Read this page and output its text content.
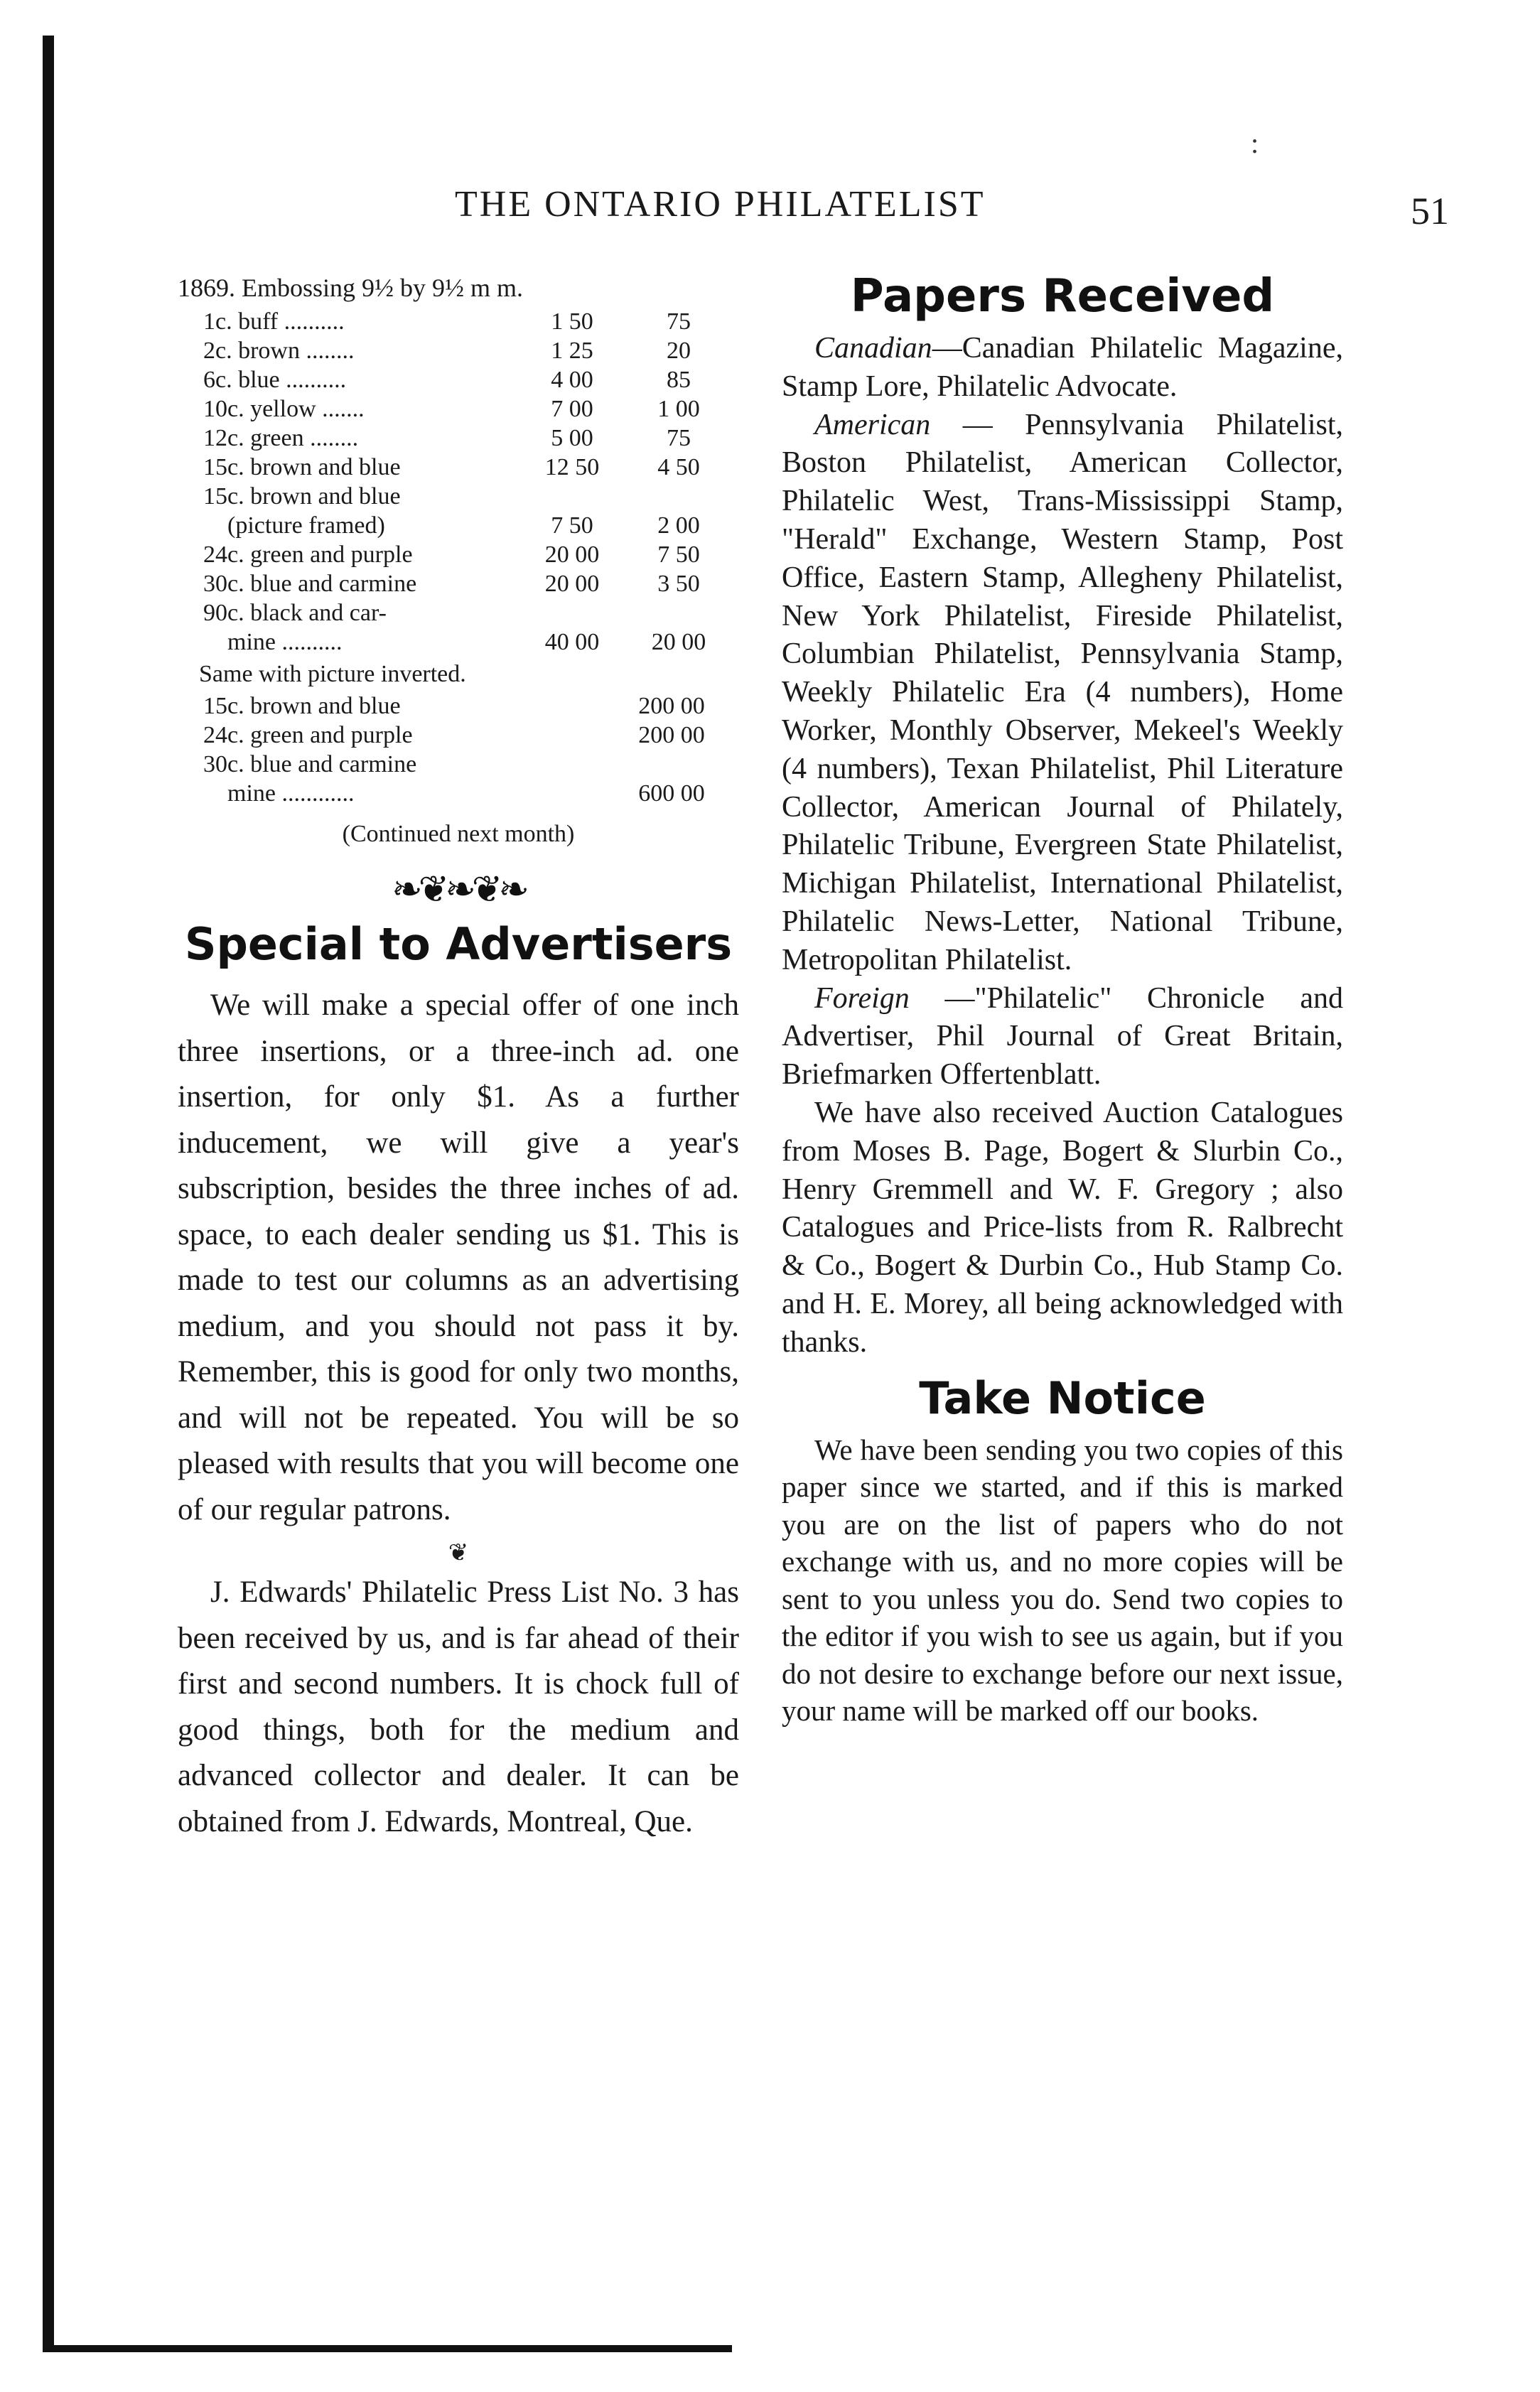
:
THE ONTARIO PHILATELIST	51
1869. Embossing 9½ by 9½ m m.
1c. buff ..........	1 50	75
2c. brown ........	1 25	20
6c. blue ..........	4 00	85
10c. yellow .......	7 00	1 00
12c. green ........	5 00	75
15c. brown and blue	12 50	4 50
15c. brown and blue
(picture framed)	7 50	2 00
24c. green and purple	20 00	7 50
30c. blue and carmine	20 00	3 50
90c. black and car-
mine ..........	40 00	20 00
Same with picture inverted.
15c. brown and blue	200 00
24c. green and purple	200 00
30c. blue and carmine
mine ............	600 00
(Continued next month)
❧❦❧❦❧
Special to Advertisers

We will make a special offer of one inch three insertions, or a three-inch ad. one insertion, for only $1. As a further inducement, we will give a year's subscription, besides the three inches of ad. space, to each dealer sending us $1. This is made to test our columns as an advertising medium, and you should not pass it by. Remember, this is good for only two months, and will not be repeated. You will be so pleased with results that you will become one of our regular patrons.

❦

J. Edwards' Philatelic Press List No. 3 has been received by us, and is far ahead of their first and second numbers. It is chock full of good things, both for the medium and advanced collector and dealer. It can be obtained from J. Edwards, Montreal, Que.

Papers Received

Canadian—Canadian Philatelic Magazine, Stamp Lore, Philatelic Advocate.

American — Pennsylvania Philatelist, Boston Philatelist, American Collector, Philatelic West, Trans-Mississippi Stamp, "Herald" Exchange, Western Stamp, Post Office, Eastern Stamp, Allegheny Philatelist, New York Philatelist, Fireside Philatelist, Columbian Philatelist, Pennsylvania Stamp, Weekly Philatelic Era (4 numbers), Home Worker, Monthly Observer, Mekeel's Weekly (4 numbers), Texan Philatelist, Phil Literature Collector, American Journal of Philately, Philatelic Tribune, Evergreen State Philatelist, Michigan Philatelist, International Philatelist, Philatelic News-Letter, National Tribune, Metropolitan Philatelist.

Foreign —"Philatelic" Chronicle and Advertiser, Phil Journal of Great Britain, Briefmarken Offertenblatt.

We have also received Auction Catalogues from Moses B. Page, Bogert & Slurbin Co., Henry Gremmell and W. F. Gregory ; also Catalogues and Price-lists from R. Ralbrecht & Co., Bogert & Durbin Co., Hub Stamp Co. and H. E. Morey, all being acknowledged with thanks.

Take Notice

We have been sending you two copies of this paper since we started, and if this is marked you are on the list of papers who do not exchange with us, and no more copies will be sent to you unless you do. Send two copies to the editor if you wish to see us again, but if you do not desire to exchange before our next issue, your name will be marked off our books.
